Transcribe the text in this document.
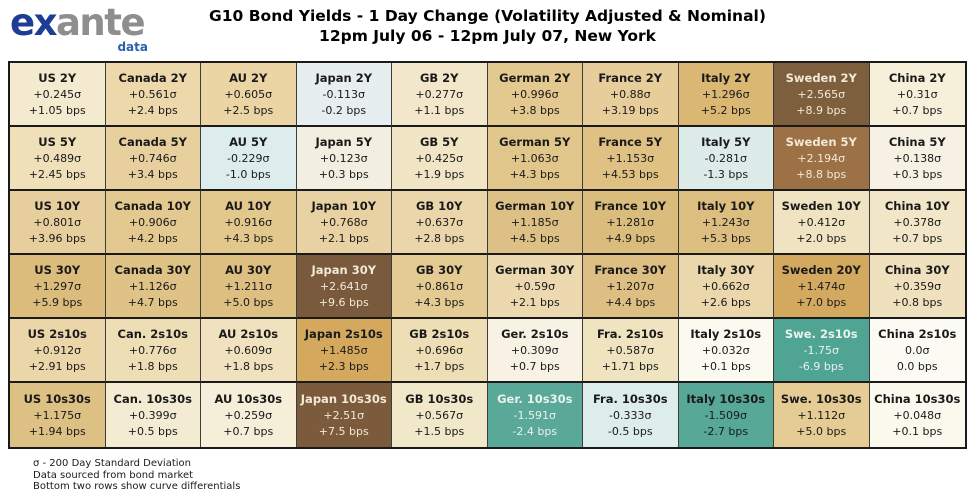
exante
data
G10 Bond Yields - 1 Day Change (Volatility Adjusted & Nominal)
12pm July 06 - 12pm July 07, New York
US 2Y
+0.245σ
+1.05 bps
Canada 2Y
+0.561σ
+2.4 bps
AU 2Y
+0.605σ
+2.5 bps
Japan 2Y
-0.113σ
-0.2 bps
GB 2Y
+0.277σ
+1.1 bps
German 2Y
+0.996σ
+3.8 bps
France 2Y
+0.88σ
+3.19 bps
Italy 2Y
+1.296σ
+5.2 bps
Sweden 2Y
+2.565σ
+8.9 bps
China 2Y
+0.31σ
+0.7 bps
US 5Y
+0.489σ
+2.45 bps
Canada 5Y
+0.746σ
+3.4 bps
AU 5Y
-0.229σ
-1.0 bps
Japan 5Y
+0.123σ
+0.3 bps
GB 5Y
+0.425σ
+1.9 bps
German 5Y
+1.063σ
+4.3 bps
France 5Y
+1.153σ
+4.53 bps
Italy 5Y
-0.281σ
-1.3 bps
Sweden 5Y
+2.194σ
+8.8 bps
China 5Y
+0.138σ
+0.3 bps
US 10Y
+0.801σ
+3.96 bps
Canada 10Y
+0.906σ
+4.2 bps
AU 10Y
+0.916σ
+4.3 bps
Japan 10Y
+0.768σ
+2.1 bps
GB 10Y
+0.637σ
+2.8 bps
German 10Y
+1.185σ
+4.5 bps
France 10Y
+1.281σ
+4.9 bps
Italy 10Y
+1.243σ
+5.3 bps
Sweden 10Y
+0.412σ
+2.0 bps
China 10Y
+0.378σ
+0.7 bps
US 30Y
+1.297σ
+5.9 bps
Canada 30Y
+1.126σ
+4.7 bps
AU 30Y
+1.211σ
+5.0 bps
Japan 30Y
+2.641σ
+9.6 bps
GB 30Y
+0.861σ
+4.3 bps
German 30Y
+0.59σ
+2.1 bps
France 30Y
+1.207σ
+4.4 bps
Italy 30Y
+0.662σ
+2.6 bps
Sweden 20Y
+1.474σ
+7.0 bps
China 30Y
+0.359σ
+0.8 bps
US 2s10s
+0.912σ
+2.91 bps
Can. 2s10s
+0.776σ
+1.8 bps
AU 2s10s
+0.609σ
+1.8 bps
Japan 2s10s
+1.485σ
+2.3 bps
GB 2s10s
+0.696σ
+1.7 bps
Ger. 2s10s
+0.309σ
+0.7 bps
Fra. 2s10s
+0.587σ
+1.71 bps
Italy 2s10s
+0.032σ
+0.1 bps
Swe. 2s10s
-1.75σ
-6.9 bps
China 2s10s
0.0σ
0.0 bps
US 10s30s
+1.175σ
+1.94 bps
Can. 10s30s
+0.399σ
+0.5 bps
AU 10s30s
+0.259σ
+0.7 bps
Japan 10s30s
+2.51σ
+7.5 bps
GB 10s30s
+0.567σ
+1.5 bps
Ger. 10s30s
-1.591σ
-2.4 bps
Fra. 10s30s
-0.333σ
-0.5 bps
Italy 10s30s
-1.509σ
-2.7 bps
Swe. 10s30s
+1.112σ
+5.0 bps
China 10s30s
+0.048σ
+0.1 bps
σ - 200 Day Standard Deviation
Data sourced from bond market
Bottom two rows show curve differentials
